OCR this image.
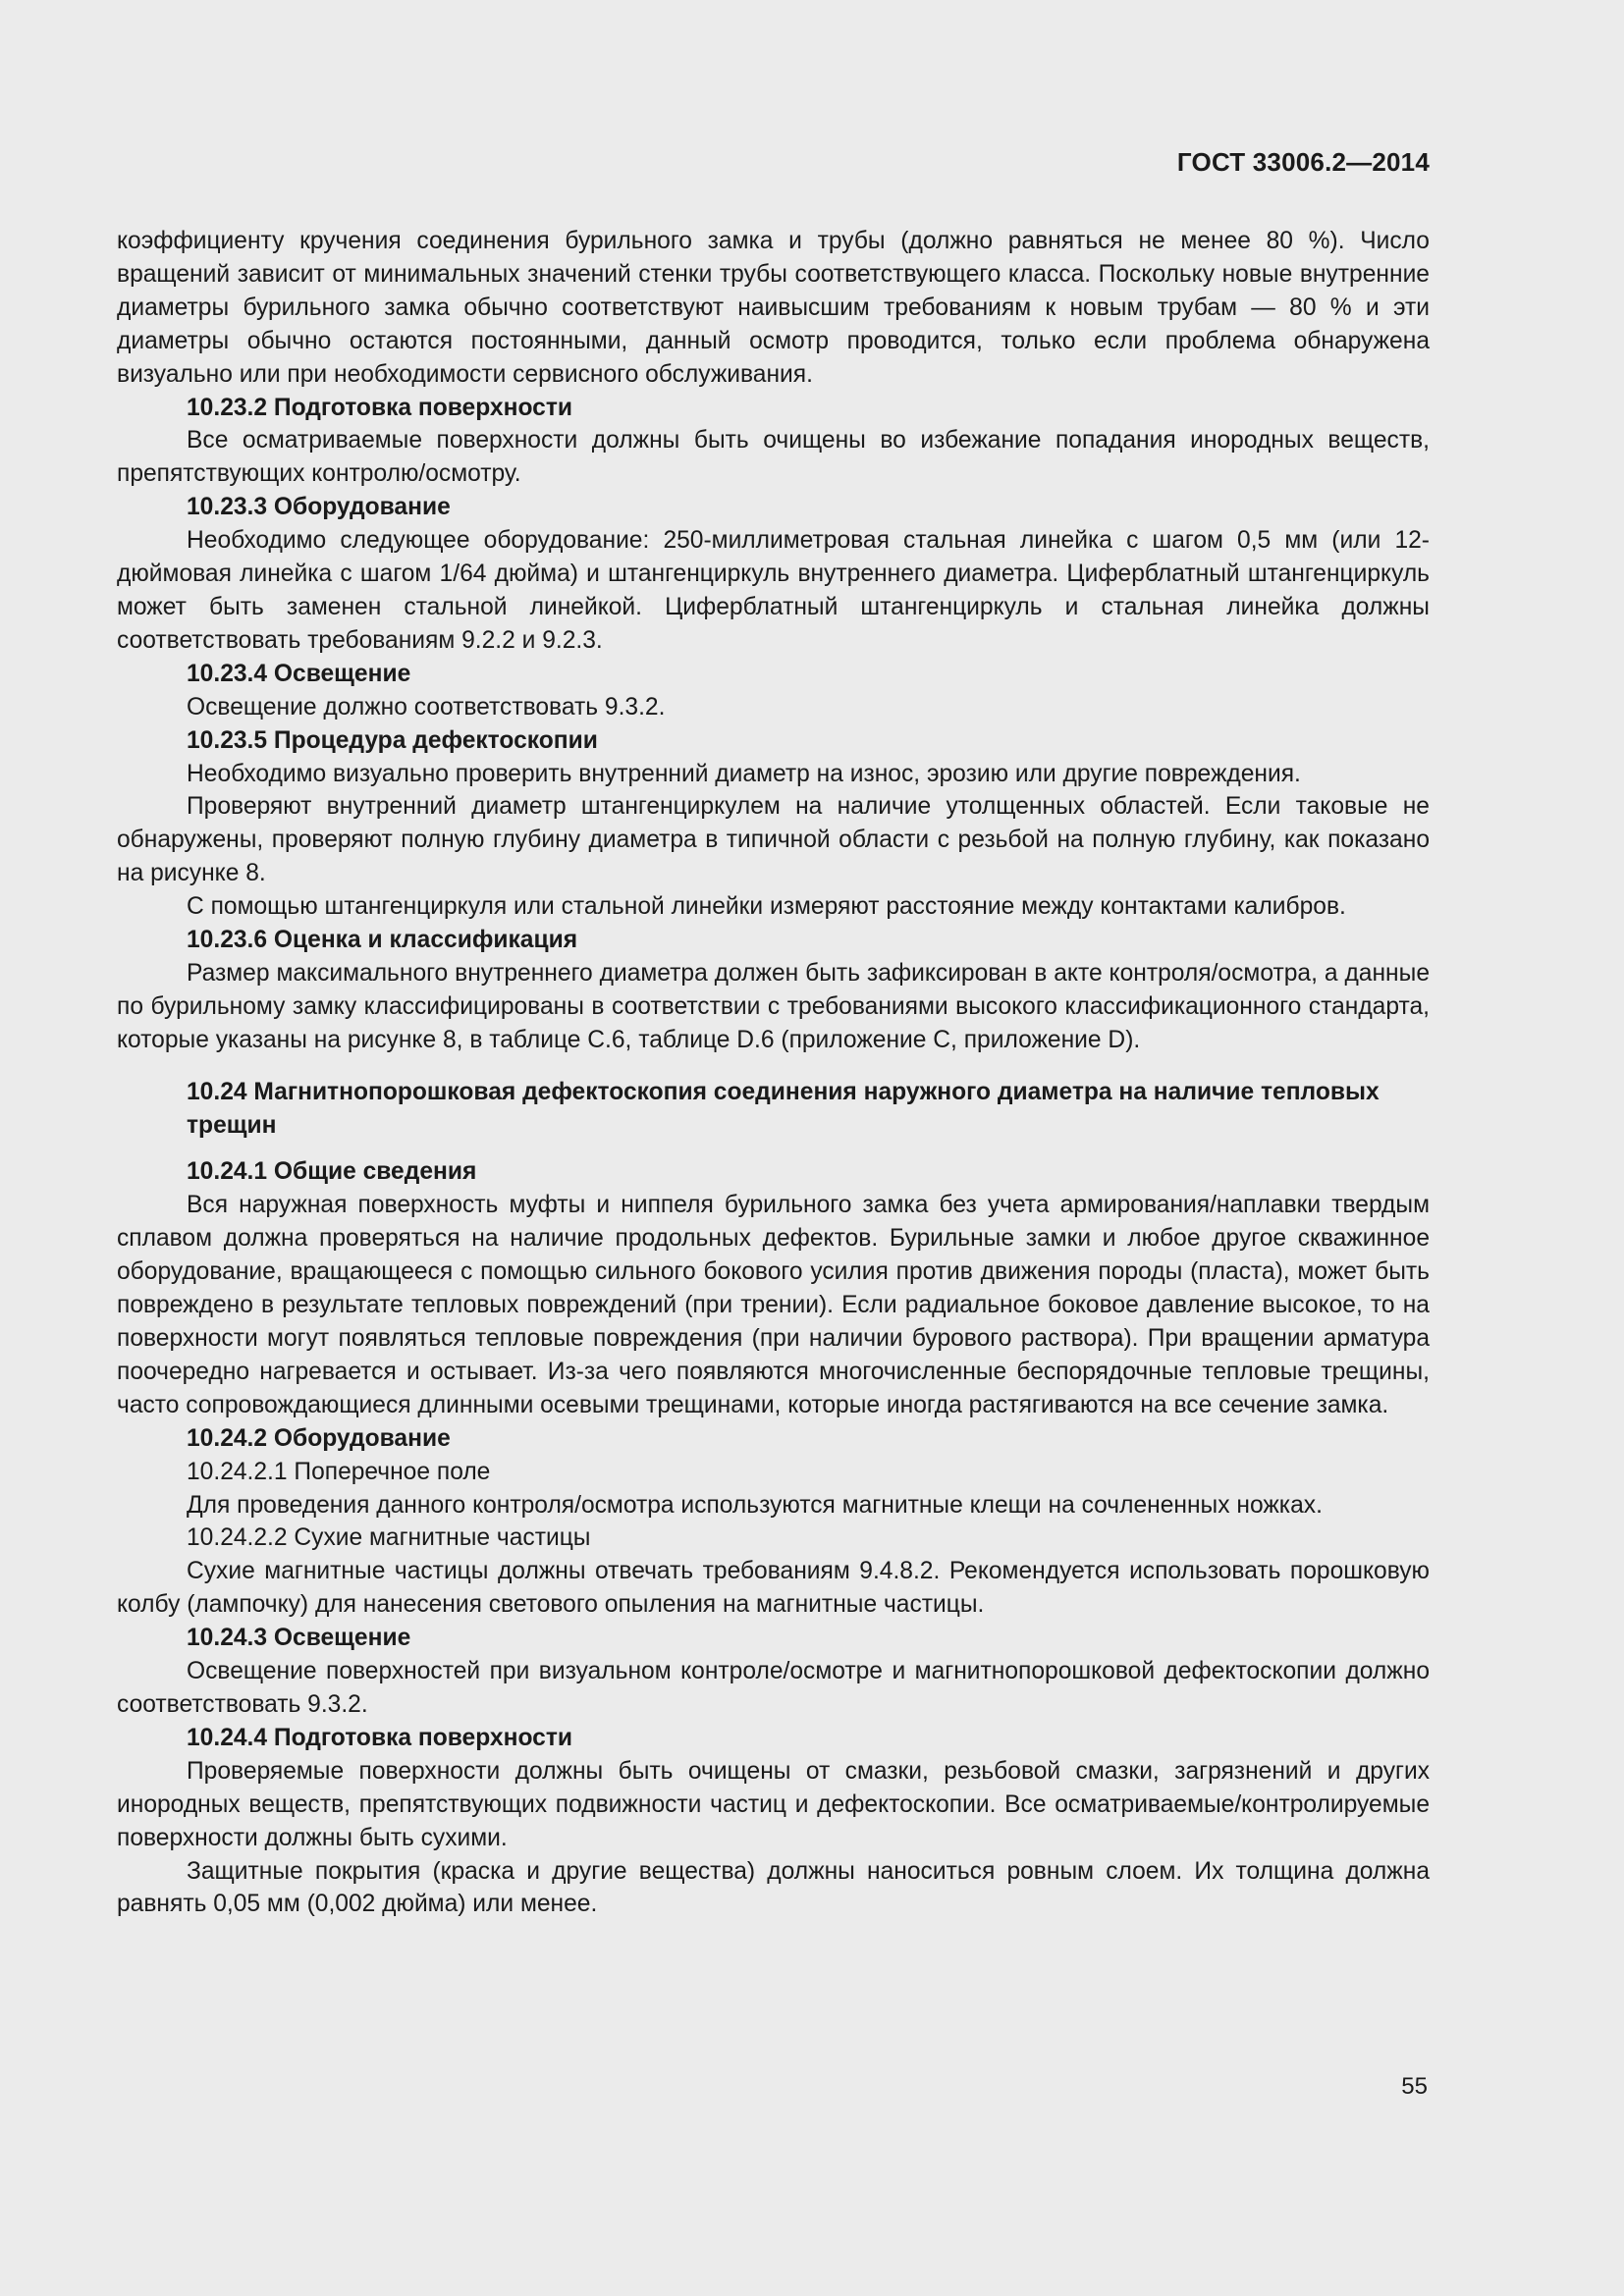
ГОСТ 33006.2—2014

коэффициенту кручения соединения бурильного замка и трубы (должно равняться не менее 80 %). Число вращений зависит от минимальных значений стенки трубы соответствующего класса. Поскольку новые внутренние диаметры бурильного замка обычно соответствуют наивысшим требованиям к новым трубам — 80 % и эти диаметры обычно остаются постоянными, данный осмотр проводится, только если проблема обнаружена визуально или при необходимости сервисного обслуживания.

10.23.2 Подготовка поверхности

Все осматриваемые поверхности должны быть очищены во избежание попадания инородных веществ, препятствующих контролю/осмотру.

10.23.3 Оборудование

Необходимо следующее оборудование: 250-миллиметровая стальная линейка с шагом 0,5 мм (или 12-дюймовая линейка с шагом 1/64 дюйма) и штангенциркуль внутреннего диаметра. Циферблатный штангенциркуль может быть заменен стальной линейкой. Циферблатный штангенциркуль и стальная линейка должны соответствовать требованиям 9.2.2 и 9.2.3.

10.23.4 Освещение

Освещение должно соответствовать 9.3.2.

10.23.5 Процедура дефектоскопии

Необходимо визуально проверить внутренний диаметр на износ, эрозию или другие повреждения.

Проверяют внутренний диаметр штангенциркулем на наличие утолщенных областей. Если таковые не обнаружены, проверяют полную глубину диаметра в типичной области с резьбой на полную глубину, как показано на рисунке 8.

С помощью штангенциркуля или стальной линейки измеряют расстояние между контактами калибров.

10.23.6 Оценка и классификация

Размер максимального внутреннего диаметра должен быть зафиксирован в акте контроля/осмотра, а данные по бурильному замку классифицированы в соответствии с требованиями высокого классификационного стандарта, которые указаны на рисунке 8, в таблице С.6, таблице D.6 (приложение С, приложение D).

10.24 Магнитнопорошковая дефектоскопия соединения наружного диаметра на наличие тепловых трещин

10.24.1 Общие сведения

Вся наружная поверхность муфты и ниппеля бурильного замка без учета армирования/наплавки твердым сплавом должна проверяться на наличие продольных дефектов. Бурильные замки и любое другое скважинное оборудование, вращающееся с помощью сильного бокового усилия против движения породы (пласта), может быть повреждено в результате тепловых повреждений (при трении). Если радиальное боковое давление высокое, то на поверхности могут появляться тепловые повреждения (при наличии бурового раствора). При вращении арматура поочередно нагревается и остывает. Из-за чего появляются многочисленные беспорядочные тепловые трещины, часто сопровождающиеся длинными осевыми трещинами, которые иногда растягиваются на все сечение замка.

10.24.2 Оборудование

10.24.2.1 Поперечное поле

Для проведения данного контроля/осмотра используются магнитные клещи на сочлененных ножках.

10.24.2.2 Сухие магнитные частицы

Сухие магнитные частицы должны отвечать требованиям 9.4.8.2. Рекомендуется использовать порошковую колбу (лампочку) для нанесения светового опыления на магнитные частицы.

10.24.3 Освещение

Освещение поверхностей при визуальном контроле/осмотре и магнитнопорошковой дефектоскопии должно соответствовать 9.3.2.

10.24.4 Подготовка поверхности

Проверяемые поверхности должны быть очищены от смазки, резьбовой смазки, загрязнений и других инородных веществ, препятствующих подвижности частиц и дефектоскопии. Все осматриваемые/контролируемые поверхности должны быть сухими.

Защитные покрытия (краска и другие вещества) должны наноситься ровным слоем. Их толщина должна равнять 0,05 мм (0,002 дюйма) или менее.

55
